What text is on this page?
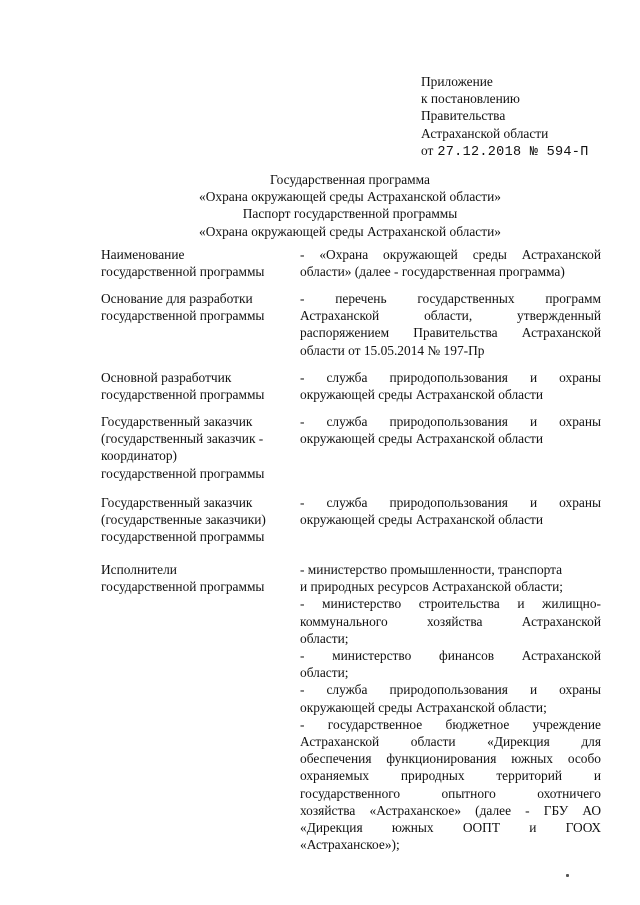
Приложение
к постановлению
Правительства
Астраханской области
от 27.12.2018 № 594-П
Государственная программа
«Охрана окружающей среды Астраханской области»
Паспорт государственной программы
«Охрана окружающей среды Астраханской области»
Наименование
государственной программы
- «Охрана окружающей среды Астраханской
области» (далее - государственная программа)
Основание для разработки
государственной программы
- перечень государственных программ
Астраханской области, утвержденный
распоряжением Правительства Астраханской
области от 15.05.2014 № 197-Пр
Основной разработчик
государственной программы
- служба природопользования и охраны
окружающей среды Астраханской области
Государственный заказчик
(государственный заказчик -
координатор)
государственной программы
- служба природопользования и охраны
окружающей среды Астраханской области
Государственный заказчик
(государственные заказчики)
государственной программы
- служба природопользования и охраны
окружающей среды Астраханской области
Исполнители
государственной программы
- министерство промышленности, транспорта
и природных ресурсов Астраханской области;
- министерство строительства и жилищно-
коммунального хозяйства Астраханской
области;
- министерство финансов Астраханской
области;
- служба природопользования и охраны
окружающей среды Астраханской области;
- государственное бюджетное учреждение
Астраханской области «Дирекция для
обеспечения функционирования южных особо
охраняемых природных территорий и
государственного опытного охотничего
хозяйства «Астраханское» (далее - ГБУ АО
«Дирекция южных ООПТ и ГООХ
«Астраханское»);
